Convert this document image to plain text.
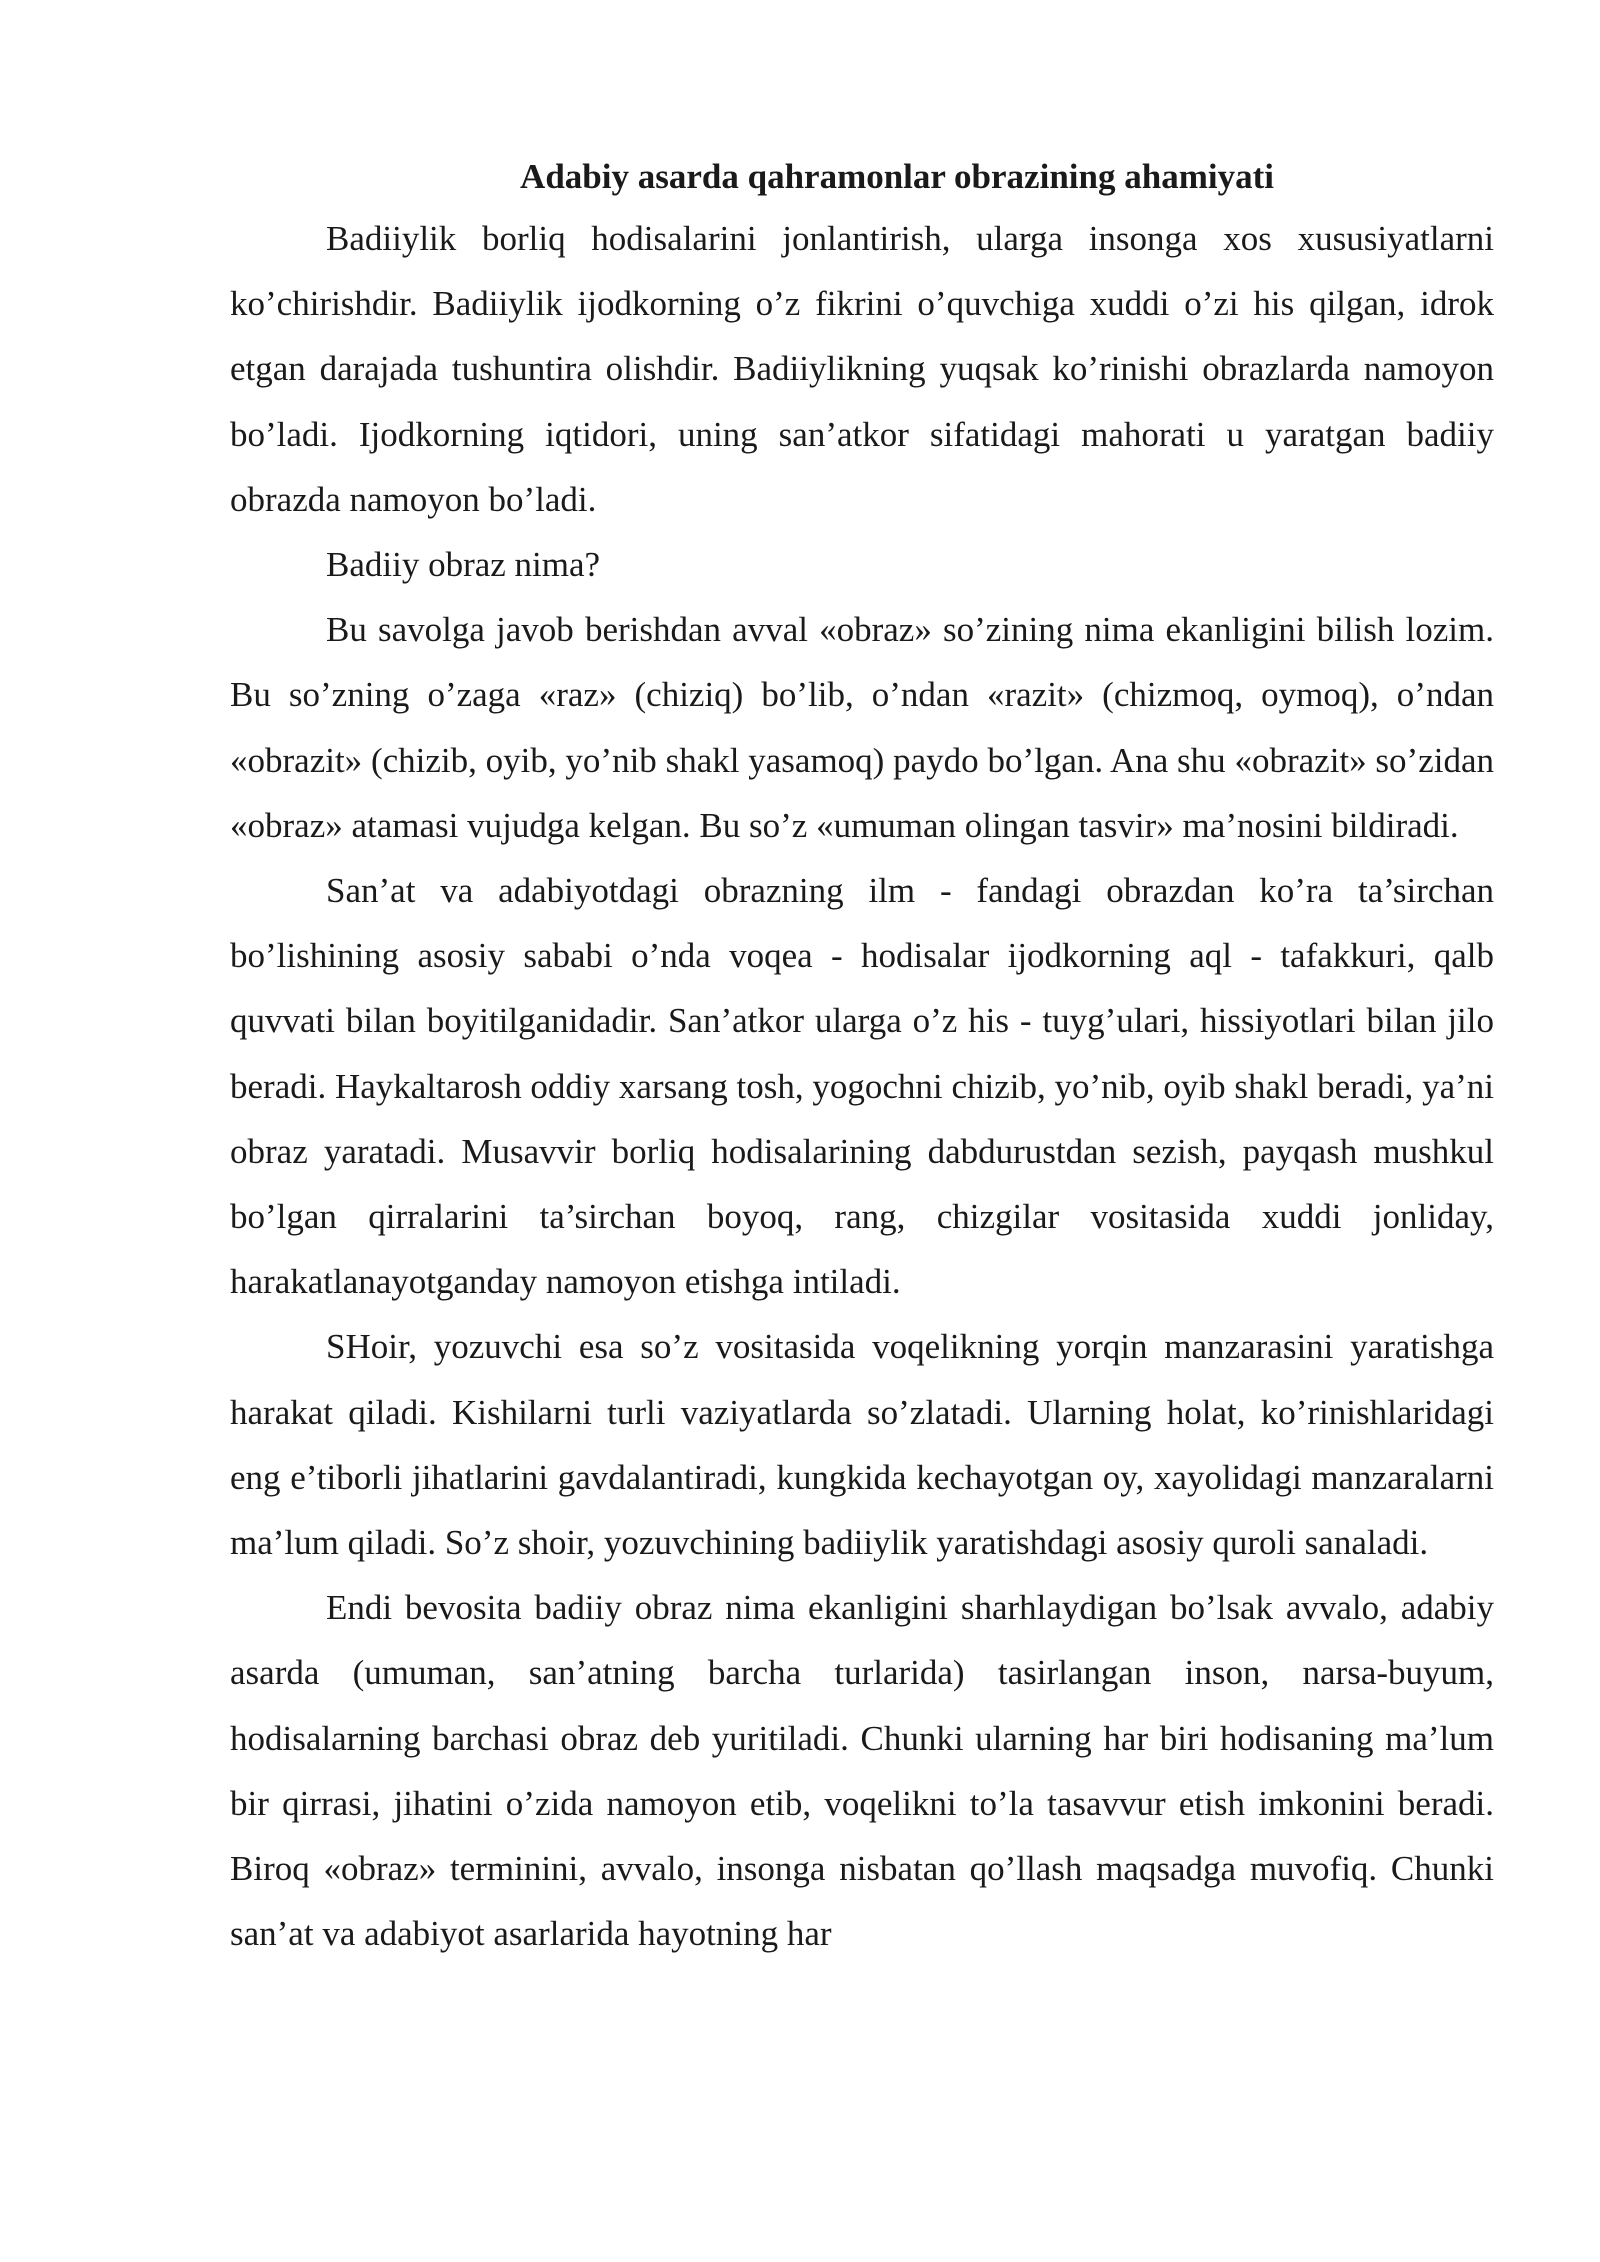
Adabiy asarda qahramonlar obrazining ahamiyati

Badiiylik borliq hodisalarini jonlantirish, ularga insonga xos xususiyatlarni ko’chirishdir. Badiiylik ijodkorning o’z fikrini o’quvchiga xuddi o’zi his qilgan, idrok etgan darajada tushuntira olishdir. Badiiylikning yuqsak ko’rinishi obrazlarda namoyon bo’ladi. Ijodkorning iqtidori, uning san’atkor sifatidagi mahorati u yaratgan badiiy obrazda namoyon bo’ladi.

Badiiy obraz nima?

Bu savolga javob berishdan avval «obraz» so’zining nima ekanligini bilish lozim. Bu so’zning o’zaga «raz» (chiziq) bo’lib, o’ndan «razit» (chizmoq, oymoq), o’ndan «obrazit» (chizib, oyib, yo’nib shakl yasamoq) paydo bo’lgan. Ana shu «obrazit» so’zidan «obraz» atamasi vujudga kelgan. Bu so’z «umuman olingan tasvir» ma’nosini bildiradi.

San’at va adabiyotdagi obrazning ilm - fandagi obrazdan ko’ra ta’sirchan bo’lishining asosiy sababi o’nda voqea - hodisalar ijodkorning aql - tafakkuri, qalb quvvati bilan boyitilganidadir. San’atkor ularga o’z his - tuyg’ulari, hissiyotlari bilan jilo beradi. Haykaltarosh oddiy xarsang tosh, yogochni chizib, yo’nib, oyib shakl beradi, ya’ni obraz yaratadi. Musavvir borliq hodisalarining dabdurustdan sezish, payqash mushkul bo’lgan qirralarini ta’sirchan boyoq, rang, chizgilar vositasida xuddi jonliday, harakatlanayotganday namoyon etishga intiladi.

SHoir, yozuvchi esa so’z vositasida voqelikning yorqin manzarasini yaratishga harakat qiladi. Kishilarni turli vaziyatlarda so’zlatadi. Ularning holat, ko’rinishlaridagi eng e’tiborli jihatlarini gavdalantiradi, kungkida kechayotgan oy, xayolidagi manzaralarni ma’lum qiladi. So’z shoir, yozuvchining badiiylik yaratishdagi asosiy quroli sanaladi.

Endi bevosita badiiy obraz nima ekanligini sharhlaydigan bo’lsak avvalo, adabiy asarda (umuman, san’atning barcha turlarida) tasirlangan inson, narsa-buyum, hodisalarning barchasi obraz deb yuritiladi. Chunki ularning har biri hodisaning ma’lum bir qirrasi, jihatini o’zida namoyon etib, voqelikni to’la tasavvur etish imkonini beradi. Biroq «obraz» terminini, avvalo, insonga nisbatan qo’llash maqsadga muvofiq. Chunki san’at va adabiyot asarlarida hayotning har
